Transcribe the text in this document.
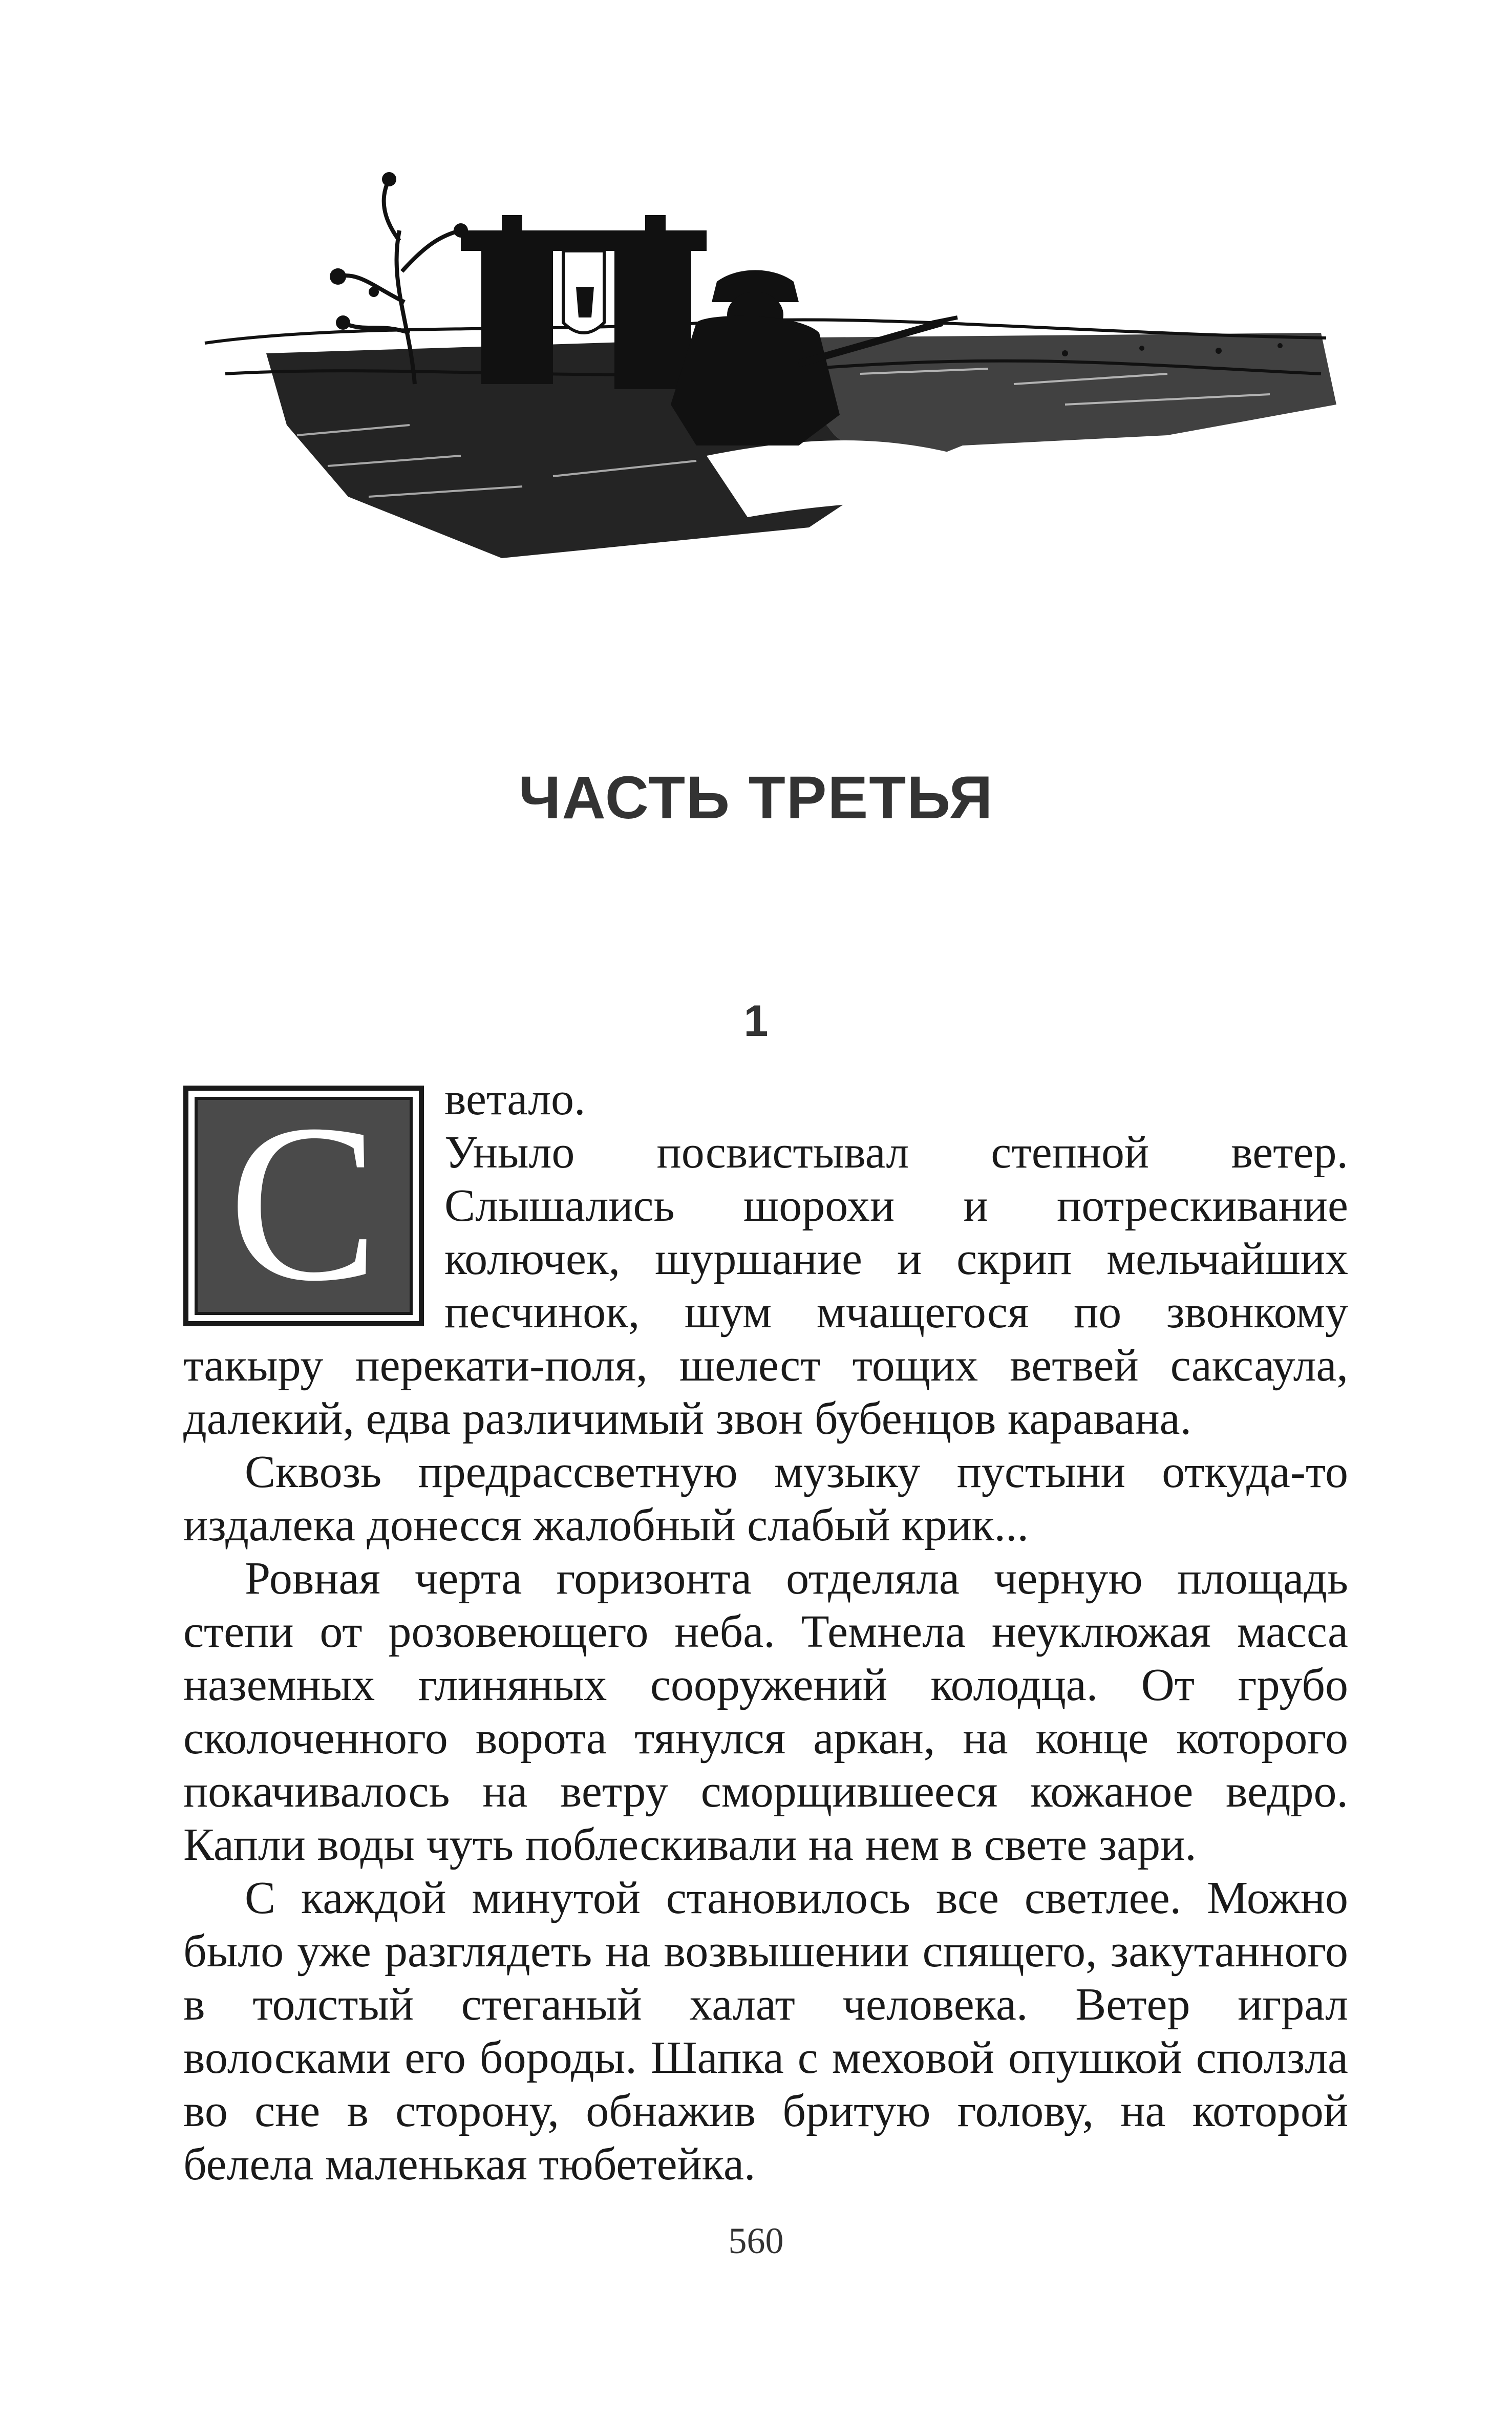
ЧАСТЬ ТРЕТЬЯ
1
С	ветало.

Уныло посвистывал степной ветер. Слышались шорохи и потрескивание колючек, шуршание и скрип мельчайших песчинок, шум мчащегося по звонкому такыру перекати-поля, шелест тощих ветвей саксаула, далекий, едва различимый звон бубенцов каравана.

Сквозь предрассветную музыку пустыни откуда-то издалека донесся жалобный слабый крик...

Ровная черта горизонта отделяла черную площадь степи от розовеющего неба. Темнела неуклюжая масса наземных глиняных сооружений колодца. От грубо сколоченного ворота тянулся аркан, на конце которого покачивалось на ветру сморщившееся кожаное ведро. Капли воды чуть поблескивали на нем в свете зари.

С каждой минутой становилось все светлее. Можно было уже разглядеть на возвышении спящего, закутанного в толстый стеганый халат человека. Ветер играл волосками его бороды. Шапка с меховой опушкой сползла во сне в сторону, обнажив бритую голову, на которой белела маленькая тюбетейка.

560
